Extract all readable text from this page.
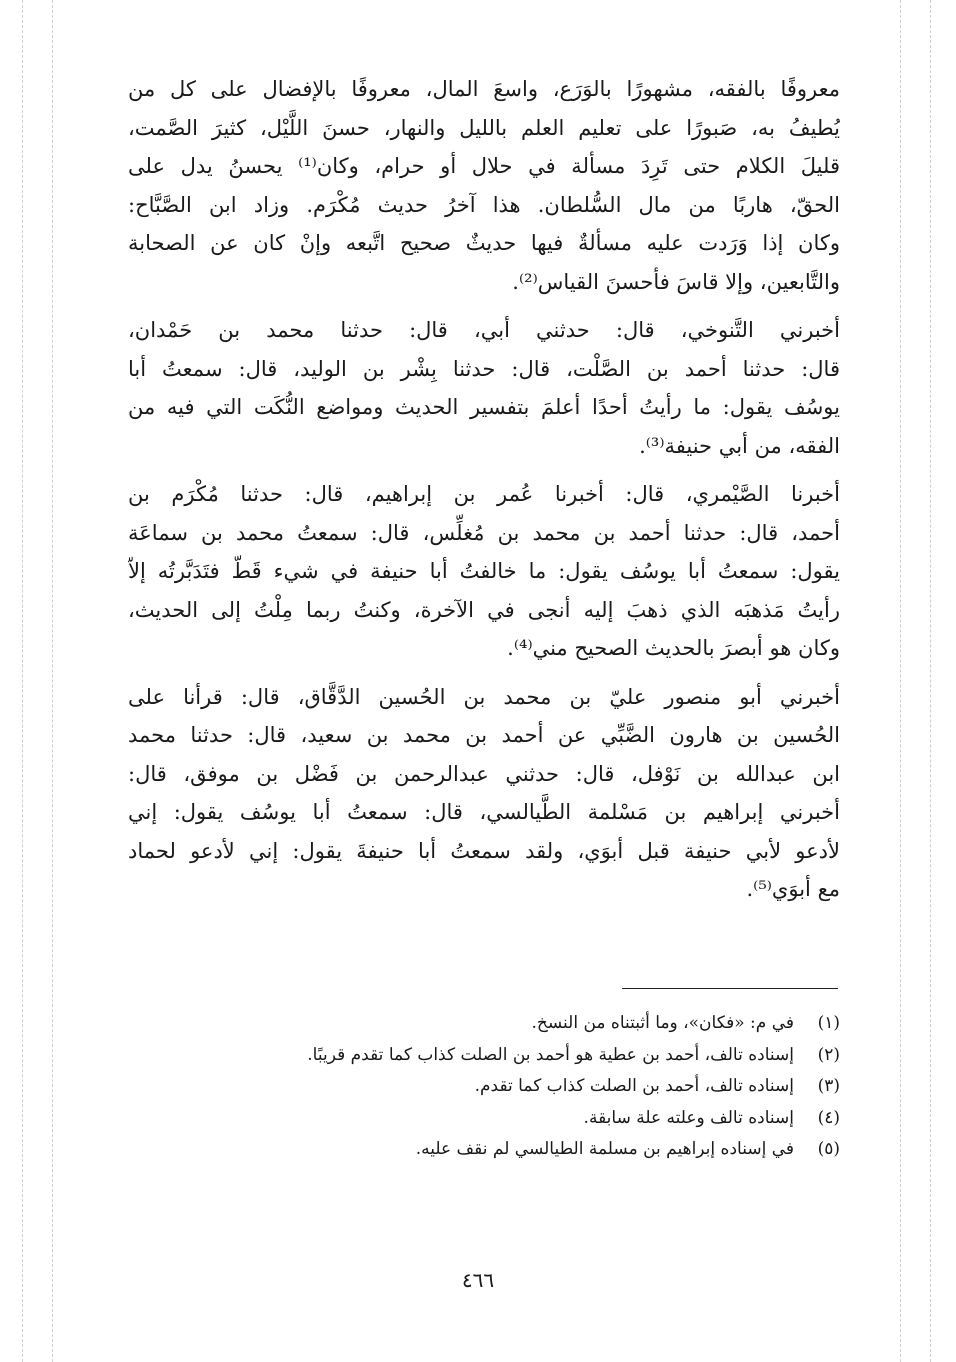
معروفًا بالفقه، مشهورًا بالوَرَع، واسعَ المال، معروفًا بالإفضال على كل من
يُطيفُ به، صَبورًا على تعليم العلم بالليل والنهار، حسنَ اللَّيْل، كثيرَ الصَّمت،
قليلَ الكلام حتى تَرِدَ مسألة في حلال أو حرام، وكان⁽¹⁾ يحسنُ يدل على
الحقّ، هاربًا من مال السُّلطان. هذا آخرُ حديث مُكْرَم. وزاد ابن الصَّبَّاح:
وكان إذا وَرَدت عليه مسألةٌ فيها حديثٌ صحيح اتَّبعه وإنْ كان عن الصحابة
والتَّابعين، وإلا قاسَ فأحسنَ القياس⁽²⁾.
أخبرني التَّنوخي، قال: حدثني أبي، قال: حدثنا محمد بن حَمْدان،
قال: حدثنا أحمد بن الصَّلْت، قال: حدثنا بِشْر بن الوليد، قال: سمعتُ أبا
يوسُف يقول: ما رأيتُ أحدًا أعلمَ بتفسير الحديث ومواضع النُّكَت التي فيه من
الفقه، من أبي حنيفة⁽³⁾.
أخبرنا الصَّيْمري، قال: أخبرنا عُمر بن إبراهيم، قال: حدثنا مُكْرَم بن
أحمد، قال: حدثنا أحمد بن محمد بن مُغلِّس، قال: سمعتُ محمد بن سماعَة
يقول: سمعتُ أبا يوسُف يقول: ما خالفتُ أبا حنيفة في شيء قَطّ فتَدَبَّرتُه إلاّ
رأيتُ مَذهبَه الذي ذهبَ إليه أنجى في الآخرة، وكنتُ ربما مِلْتُ إلى الحديث،
وكان هو أبصرَ بالحديث الصحيح مني⁽⁴⁾.
أخبرني أبو منصور عليّ بن محمد بن الحُسين الدَّقَّاق، قال: قرأنا على
الحُسين بن هارون الضَّبِّي عن أحمد بن محمد بن سعيد، قال: حدثنا محمد
ابن عبدالله بن نَوْفل، قال: حدثني عبدالرحمن بن فَضْل بن موفق، قال:
أخبرني إبراهيم بن مَسْلمة الطَّيالسي، قال: سمعتُ أبا يوسُف يقول: إني
لأدعو لأبي حنيفة قبل أبوَي، ولقد سمعتُ أبا حنيفةَ يقول: إني لأدعو لحماد
مع أبوَي⁽⁵⁾.
(١)في م: «فكان»، وما أثبتناه من النسخ.
(٢)إسناده تالف، أحمد بن عطية هو أحمد بن الصلت كذاب كما تقدم قريبًا.
(٣)إسناده تالف، أحمد بن الصلت كذاب كما تقدم.
(٤)إسناده تالف وعلته علة سابقة.
(٥)في إسناده إبراهيم بن مسلمة الطيالسي لم نقف عليه.
٤٦٦
